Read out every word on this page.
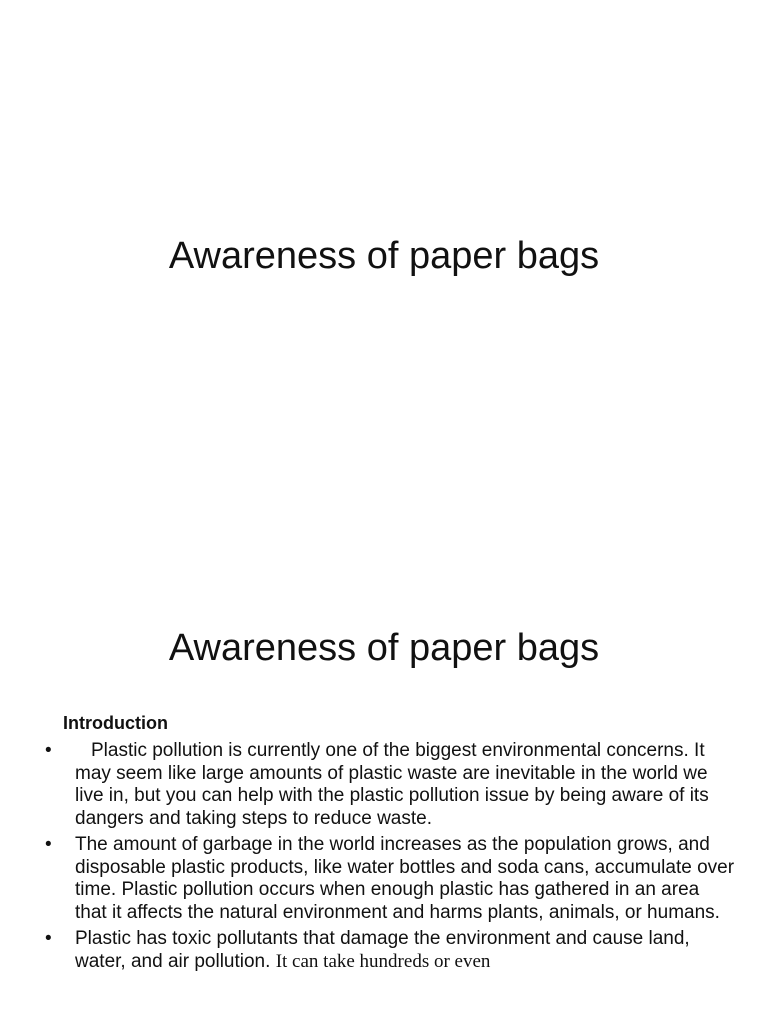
Awareness of paper bags
Awareness of paper bags
Introduction
•	Plastic pollution is currently one of the biggest environmental concerns. It may seem like large amounts of plastic waste are inevitable in the world we live in, but you can help with the plastic pollution issue by being aware of its dangers and taking steps to reduce waste.
•	The amount of garbage in the world increases as the population grows, and disposable plastic products, like water bottles and soda cans, accumulate over time. Plastic pollution occurs when enough plastic has gathered in an area that it affects the natural environment and harms plants, animals, or humans.
•	Plastic has toxic pollutants that damage the environment and cause land, water, and air pollution. It can take hundreds or even
